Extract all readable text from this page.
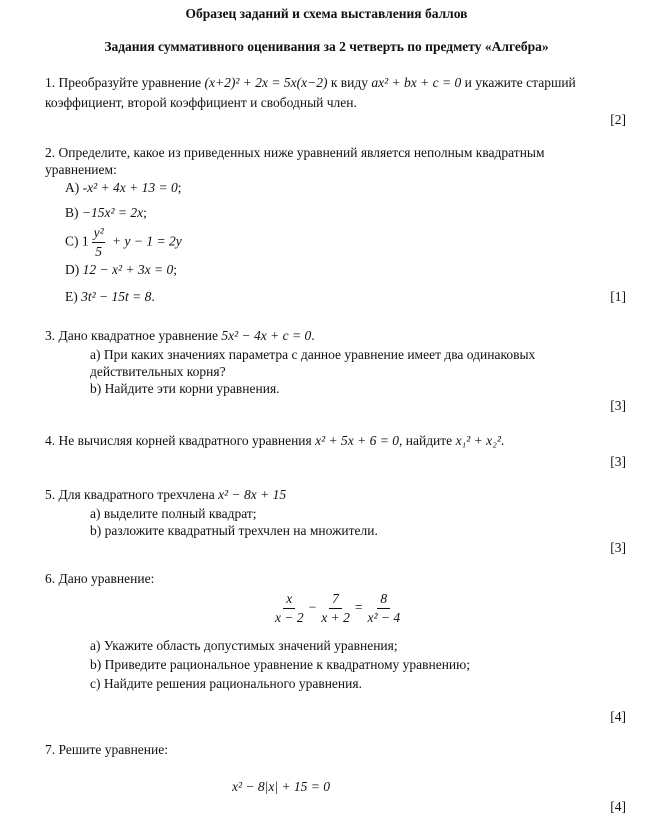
Образец заданий и схема выставления баллов
Задания суммативного оценивания за 2 четверть по предмету «Алгебра»
1. Преобразуйте уравнение (x+2)² + 2x = 5x(x−2) к виду ax² + bx + c = 0 и укажите старший
коэффициент, второй коэффициент и свободный член.
[2]
2. Определите, какое из приведенных ниже уравнений является неполным квадратным
уравнением:
A) -x² + 4x + 13 = 0;
B) −15x² = 2x;
C) $1 \frac{\text{y²}}{5} + y - 1 = 2y$
D) 12 − x² + 3x = 0;
E) 3t² − 15t = 8.	[1]
3. Дано квадратное уравнение 5x² − 4x + c = 0.
a) При каких значениях параметра с данное уравнение имеет два одинаковых
действительных корня?
b) Найдите эти корни уравнения.
[3]
4. Не вычисляя корней квадратного уравнения x² + 5x + 6 = 0, найдите x₁² + x₂².
[3]
5. Для квадратного трехчлена x² − 8x + 15
а) выделите полный квадрат;
b) разложите квадратный трехчлен на множители.
[3]
6. Дано уравнение:
$\frac{x}{x - 2} - \frac{7}{x + 2} = \frac{8}{\text{x² − 4}}$
a) Укажите область допустимых значений уравнения;
b) Приведите рациональное уравнение к квадратному уравнению;
c) Найдите решения рационального уравнения.
[4]
7. Решите уравнение:
x² − 8|x| + 15 = 0
[4]
